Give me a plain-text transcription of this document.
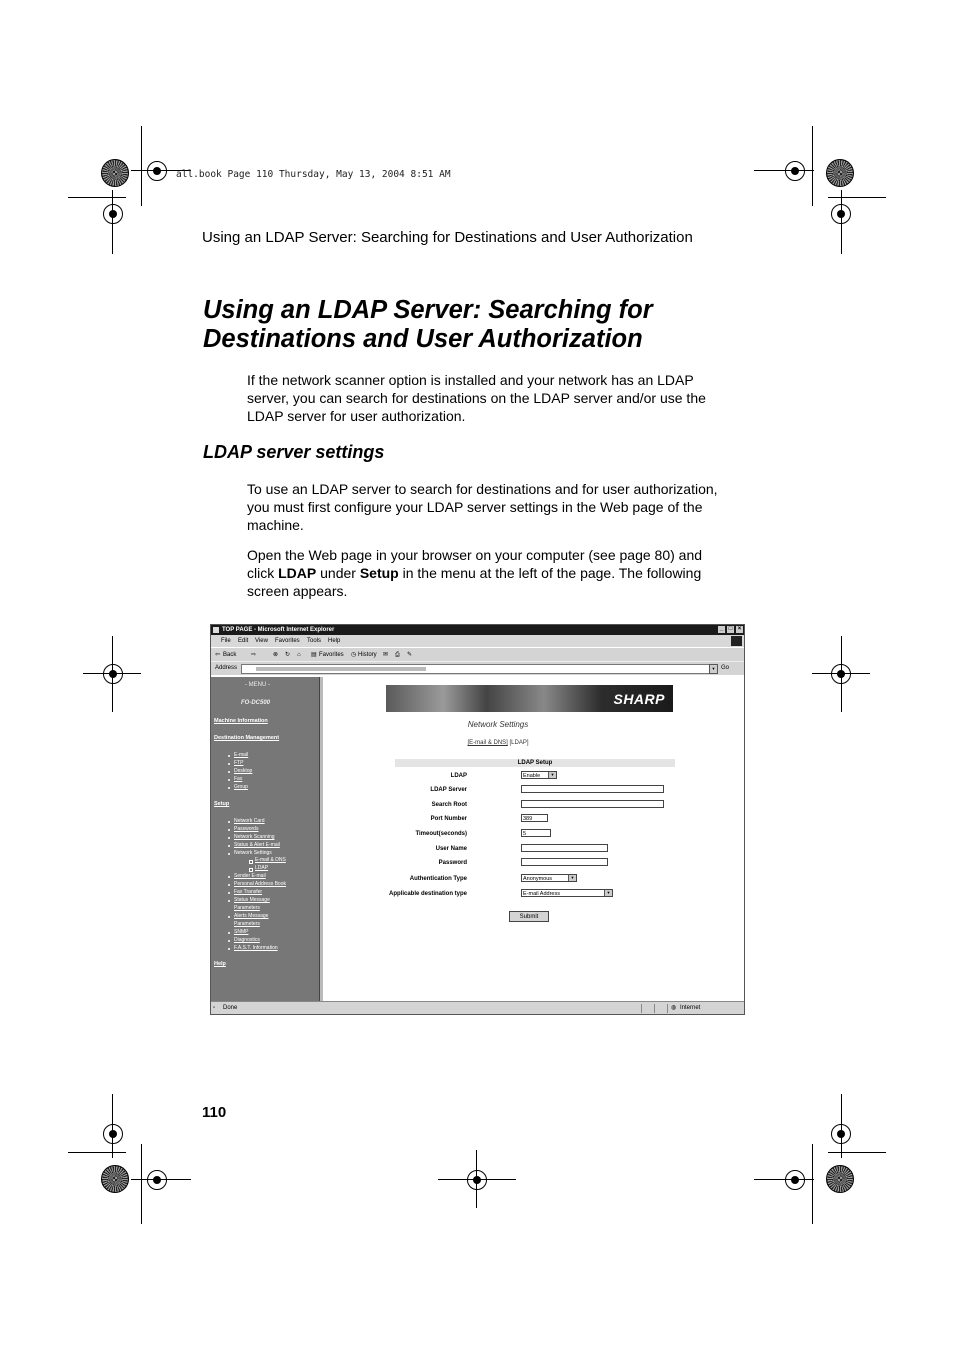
all.book Page 110 Thursday, May 13, 2004 8:51 AM
Using an LDAP Server: Searching for Destinations and User Authorization
Using an LDAP Server: Searching for
Destinations and User Authorization
If the network scanner option is installed and your network has an LDAP
server, you can search for destinations on the LDAP server and/or use the
LDAP server for user authorization.
LDAP server settings
To use an LDAP server to search for destinations and for user authorization,
you must first configure your LDAP server settings in the Web page of the
machine.
Open the Web page in your browser on your computer (see page 80) and
click LDAP under Setup in the menu at the left of the page. The following
screen appears.
110
TOP PAGE - Microsoft Internet Explorer	_ □ ×
File Edit View Favorites Tools Help
⇦ Back ⇨	⊗ ↻ ⌂ ▤ Favorites ◷ History ✉ ⎙ ✎
Address	▼ Go
- MENU -
FO-DC500
Machine Information
Destination Management
E-mail
FTP
Desktop
Fax
Group
Setup
Network Card
Passwords
Network Scanning
Status & Alert E-mail
Network Settings
E-mail & DNS
LDAP
Sender E-mail
Personal Address Book
Fax Transfer
Status Message
Parameters
Alerts Message
Parameters
SNMP
Diagnostics
F.A.S.T. Information
Help
SHARP
Network Settings
[E-mail & DNS] [LDAP]
LDAP Setup
LDAP	Enable	▼
LDAP Server
Search Root
Port Number	389
Timeout(seconds)	5
User Name
Password
Authentication Type	Anonymous	▼
Applicable destination type	E-mail Address	▼
Submit
▫ Done	◍ Internet
